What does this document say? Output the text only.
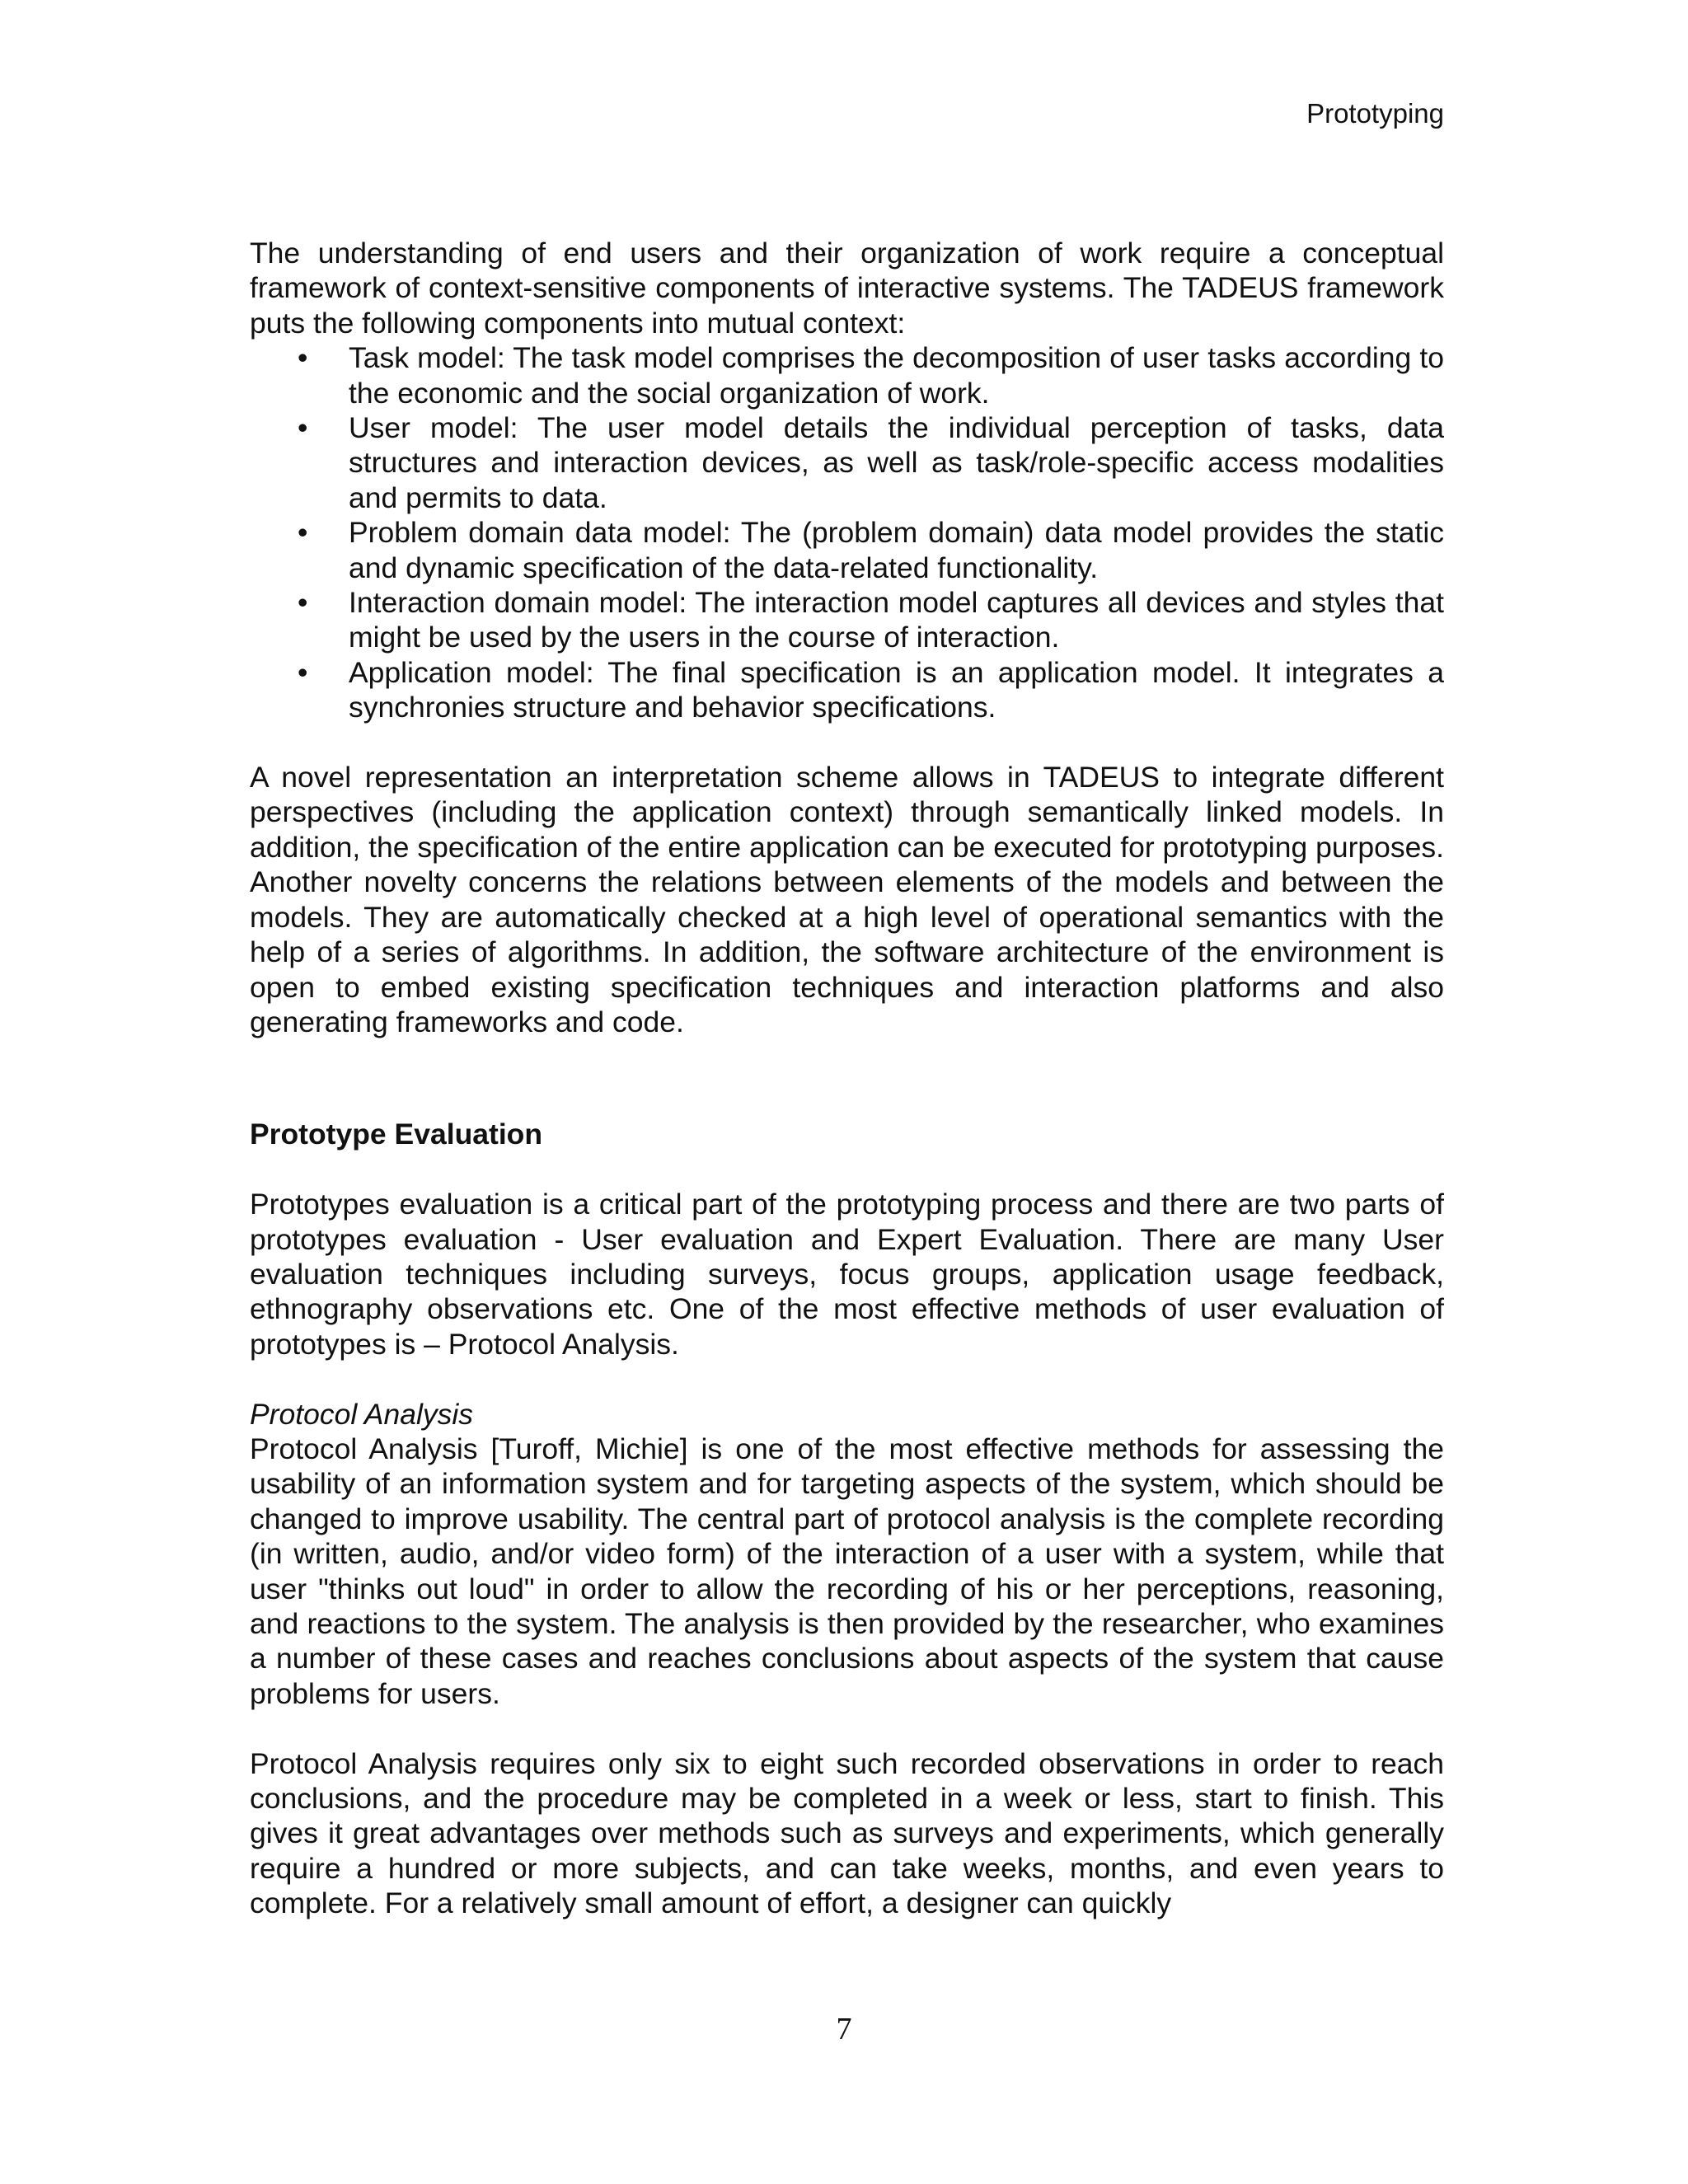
Prototyping

The understanding of end users and their organization of work require a conceptual framework of context-sensitive components of interactive systems. The TADEUS framework puts the following components into mutual context:

• Task model: The task model comprises the decomposition of user tasks according to the economic and the social organization of work.
• User model: The user model details the individual perception of tasks, data structures and interaction devices, as well as task/role-specific access modalities and permits to data.
• Problem domain data model: The (problem domain) data model provides the static and dynamic specification of the data-related functionality.
• Interaction domain model: The interaction model captures all devices and styles that might be used by the users in the course of interaction.
• Application model: The final specification is an application model. It integrates a synchronies structure and behavior specifications.

A novel representation an interpretation scheme allows in TADEUS to integrate different perspectives (including the application context) through semantically linked models. In addition, the specification of the entire application can be executed for prototyping purposes. Another novelty concerns the relations between elements of the models and between the models. They are automatically checked at a high level of operational semantics with the help of a series of algorithms. In addition, the software architecture of the environment is open to embed existing specification techniques and interaction platforms and also generating frameworks and code.

Prototype Evaluation

Prototypes evaluation is a critical part of the prototyping process and there are two parts of prototypes evaluation - User evaluation and Expert Evaluation. There are many User evaluation techniques including surveys, focus groups, application usage feedback, ethnography observations etc. One of the most effective methods of user evaluation of prototypes is – Protocol Analysis.

Protocol Analysis

Protocol Analysis [Turoff, Michie] is one of the most effective methods for assessing the usability of an information system and for targeting aspects of the system, which should be changed to improve usability. The central part of protocol analysis is the complete recording (in written, audio, and/or video form) of the interaction of a user with a system, while that user "thinks out loud" in order to allow the recording of his or her perceptions, reasoning, and reactions to the system. The analysis is then provided by the researcher, who examines a number of these cases and reaches conclusions about aspects of the system that cause problems for users.

Protocol Analysis requires only six to eight such recorded observations in order to reach conclusions, and the procedure may be completed in a week or less, start to finish. This gives it great advantages over methods such as surveys and experiments, which generally require a hundred or more subjects, and can take weeks, months, and even years to complete. For a relatively small amount of effort, a designer can quickly

7
